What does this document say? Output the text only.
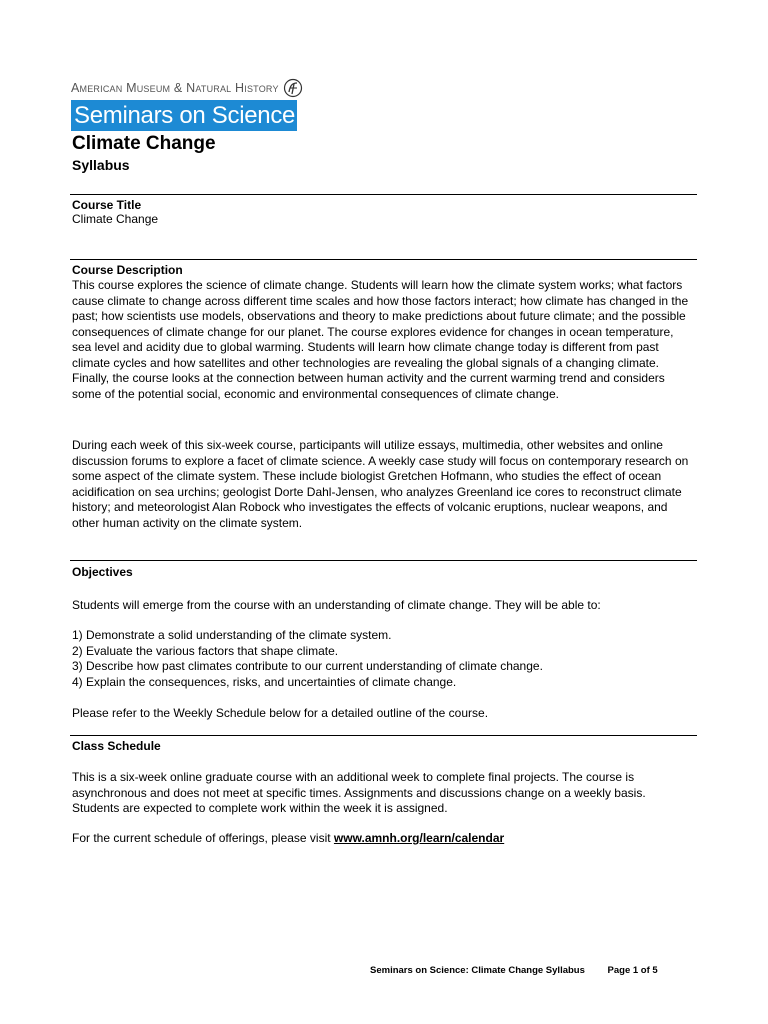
American Museum & Natural History
Seminars on Science
Climate Change
Syllabus
Course Title
Climate Change
Course Description

This course explores the science of climate change. Students will learn how the climate system works; what factors cause climate to change across different time scales and how those factors interact; how climate has changed in the past; how scientists use models, observations and theory to make predictions about future climate; and the possible consequences of climate change for our planet. The course explores evidence for changes in ocean temperature, sea level and acidity due to global warming. Students will learn how climate change today is different from past climate cycles and how satellites and other technologies are revealing the global signals of a changing climate. Finally, the course looks at the connection between human activity and the current warming trend and considers some of the potential social, economic and environmental consequences of climate change.

During each week of this six-week course, participants will utilize essays, multimedia, other websites and online discussion forums to explore a facet of climate science. A weekly case study will focus on contemporary research on some aspect of the climate system. These include biologist Gretchen Hofmann, who studies the effect of ocean acidification on sea urchins; geologist Dorte Dahl-Jensen, who analyzes Greenland ice cores to reconstruct climate history; and meteorologist Alan Robock who investigates the effects of volcanic eruptions, nuclear weapons, and other human activity on the climate system.

Objectives

Students will emerge from the course with an understanding of climate change. They will be able to:

1) Demonstrate a solid understanding of the climate system.
2) Evaluate the various factors that shape climate.
3) Describe how past climates contribute to our current understanding of climate change.
4) Explain the consequences, risks, and uncertainties of climate change.

Please refer to the Weekly Schedule below for a detailed outline of the course.

Class Schedule

This is a six-week online graduate course with an additional week to complete final projects. The course is asynchronous and does not meet at specific times. Assignments and discussions change on a weekly basis. Students are expected to complete work within the week it is assigned.

For the current schedule of offerings, please visit www.amnh.org/learn/calendar

Seminars on Science: Climate Change Syllabus Page 1 of 5
